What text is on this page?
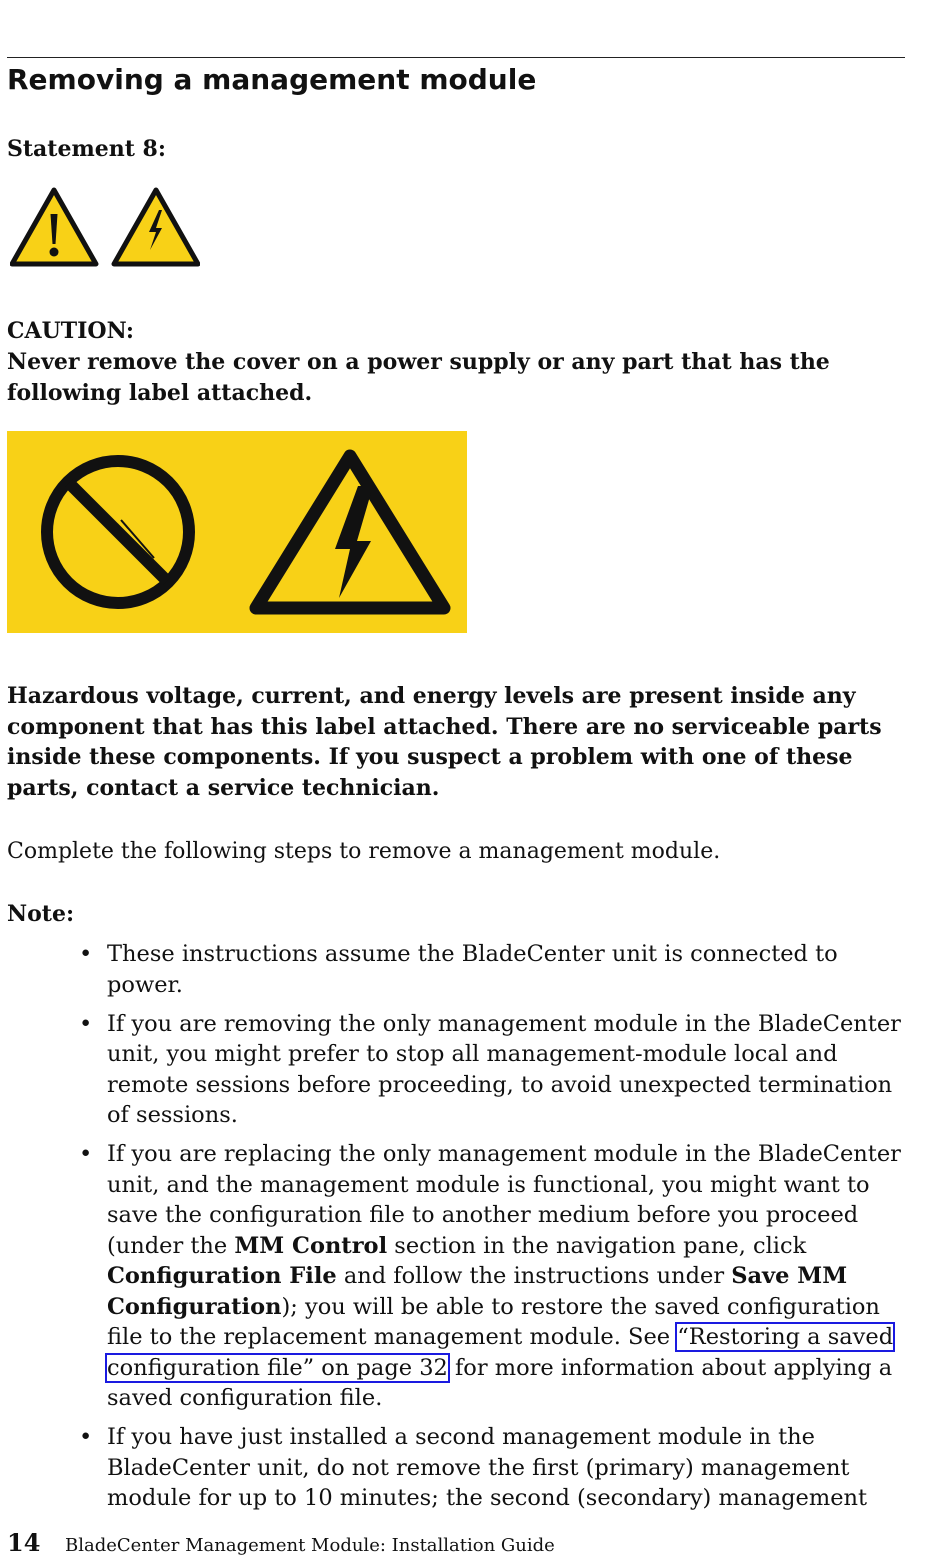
Removing a management module
Statement 8:
CAUTION:
Never remove the cover on a power supply or any part that has the following label attached.
Hazardous voltage, current, and energy levels are present inside any component that has this label attached. There are no serviceable parts inside these components. If you suspect a problem with one of these parts, contact a service technician.
Complete the following steps to remove a management module.
Note:
• These instructions assume the BladeCenter unit is connected to power.
• If you are removing the only management module in the BladeCenter unit, you might prefer to stop all management-module local and remote sessions before proceeding, to avoid unexpected termination of sessions.
• If you are replacing the only management module in the BladeCenter unit, and the management module is functional, you might want to save the configuration file to another medium before you proceed (under the MM Control section in the navigation pane, click Configuration File and follow the instructions under Save MM Configuration); you will be able to restore the saved configuration file to the replacement management module. See “Restoring a saved configuration file” on page 32 for more information about applying a saved configuration file.
• If you have just installed a second management module in the BladeCenter unit, do not remove the first (primary) management module for up to 10 minutes; the second (secondary) management
14 BladeCenter Management Module: Installation Guide
